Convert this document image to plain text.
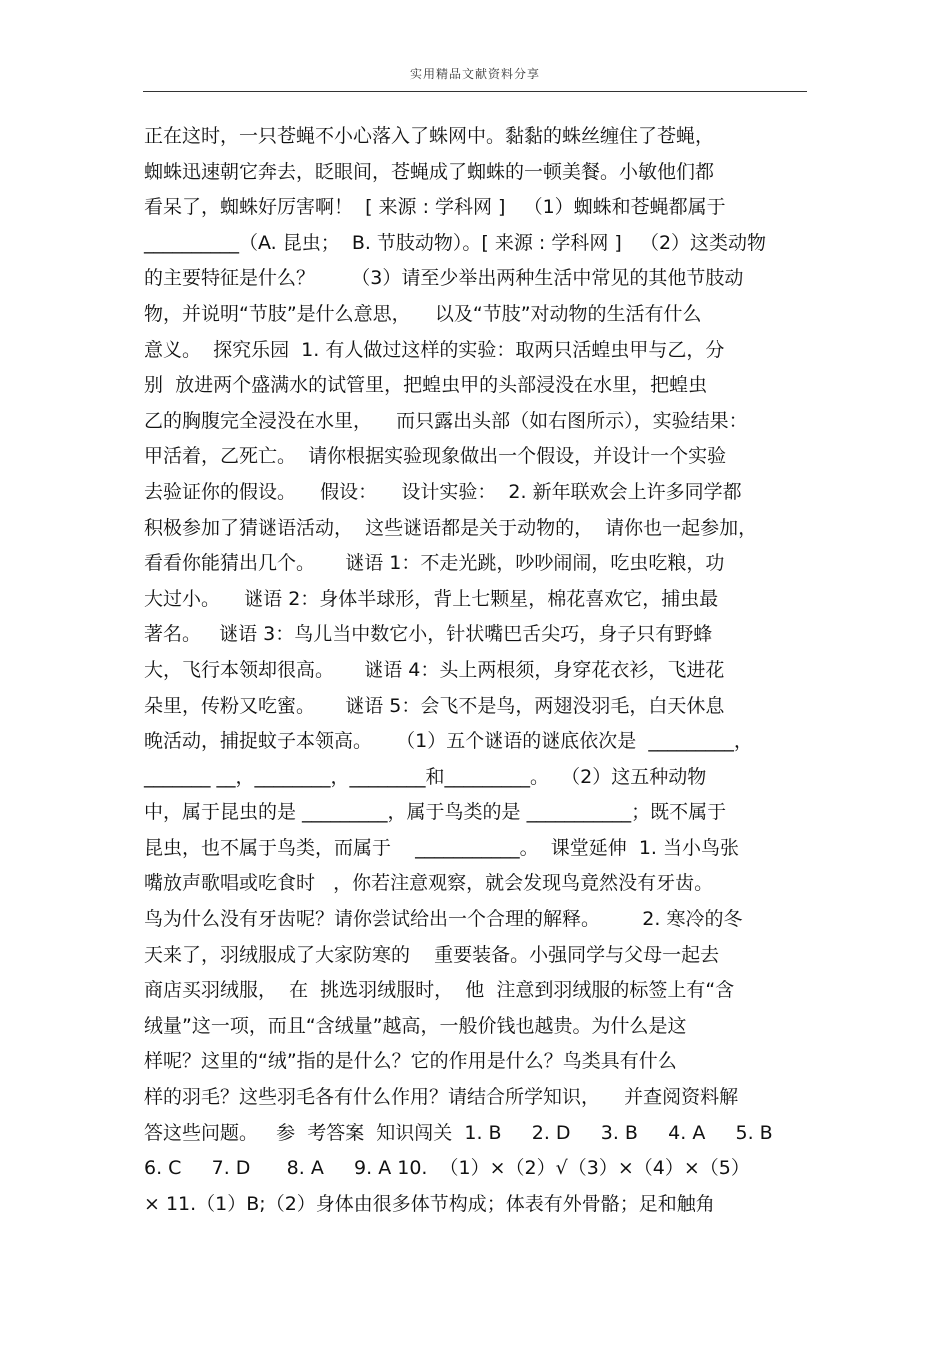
实用精品文献资料分享
正在这时，一只苍蝇不小心落入了蛛网中。黏黏的蛛丝缠住了苍蝇，
蜘蛛迅速朝它奔去，眨眼间，苍蝇成了蜘蛛的一顿美餐。小敏他们都
看呆了，蜘蛛好厉害啊！  [ 来源 : 学科网 ]   （1）蜘蛛和苍蝇都属于
__________（A. 昆虫；  B. 节肢动物）。[ 来源 : 学科网 ]   （2）这类动物
的主要特征是什么？      （3）请至少举出两种生活中常见的其他节肢动
物，并说明“节肢”是什么意思，    以及“节肢”对动物的生活有什么
意义。  探究乐园  1. 有人做过这样的实验：取两只活蝗虫甲与乙，分
别  放进两个盛满水的试管里，把蝗虫甲的头部浸没在水里，把蝗虫
乙的胸腹完全浸没在水里，    而只露出头部（如右图所示），实验结果：
甲活着，乙死亡。  请你根据实验现象做出一个假设，并设计一个实验
去验证你的假设。    假设：    设计实验：  2. 新年联欢会上许多同学都
积极参加了猜谜语活动，  这些谜语都是关于动物的，  请你也一起参加，
看看你能猜出几个。     谜语 1：不走光跳，吵吵闹闹，吃虫吃粮，功
大过小。    谜语 2：身体半球形，背上七颗星，棉花喜欢它，捕虫最
著名。   谜语 3：鸟儿当中数它小，针状嘴巴舌尖巧，身子只有野蜂
大，飞行本领却很高。     谜语 4：头上两根须，身穿花衣衫，飞进花
朵里，传粉又吃蜜。     谜语 5：会飞不是鸟，两翅没羽毛，白天休息
晚活动，捕捉蚊子本领高。    （1）五个谜语的谜底依次是  _________，
_______ __，________，________和_________。  （2）这五种动物
中，属于昆虫的是 _________，属于鸟类的是 ___________；既不属于
昆虫，也不属于鸟类，而属于    ___________。  课堂延伸  1. 当小鸟张
嘴放声歌唱或吃食时   ，你若注意观察，就会发现鸟竟然没有牙齿。
鸟为什么没有牙齿呢？请你尝试给出一个合理的解释。       2. 寒冷的冬
天来了，羽绒服成了大家防寒的    重要装备。小强同学与父母一起去
商店买羽绒服，  在  挑选羽绒服时，  他  注意到羽绒服的标签上有“含
绒量”这一项，而且“含绒量”越高，一般价钱也越贵。为什么是这
样呢？这里的“绒”指的是什么？它的作用是什么？鸟类具有什么
样的羽毛？这些羽毛各有什么作用？请结合所学知识，    并查阅资料解
答这些问题。   参  考答案  知识闯关  1. B     2. D     3. B     4. A     5. B
6. C     7. D      8. A     9. A 10.  （1）×（2）√（3）×（4）×（5）
× 11.（1）B;（2）身体由很多体节构成；体表有外骨骼；足和触角
